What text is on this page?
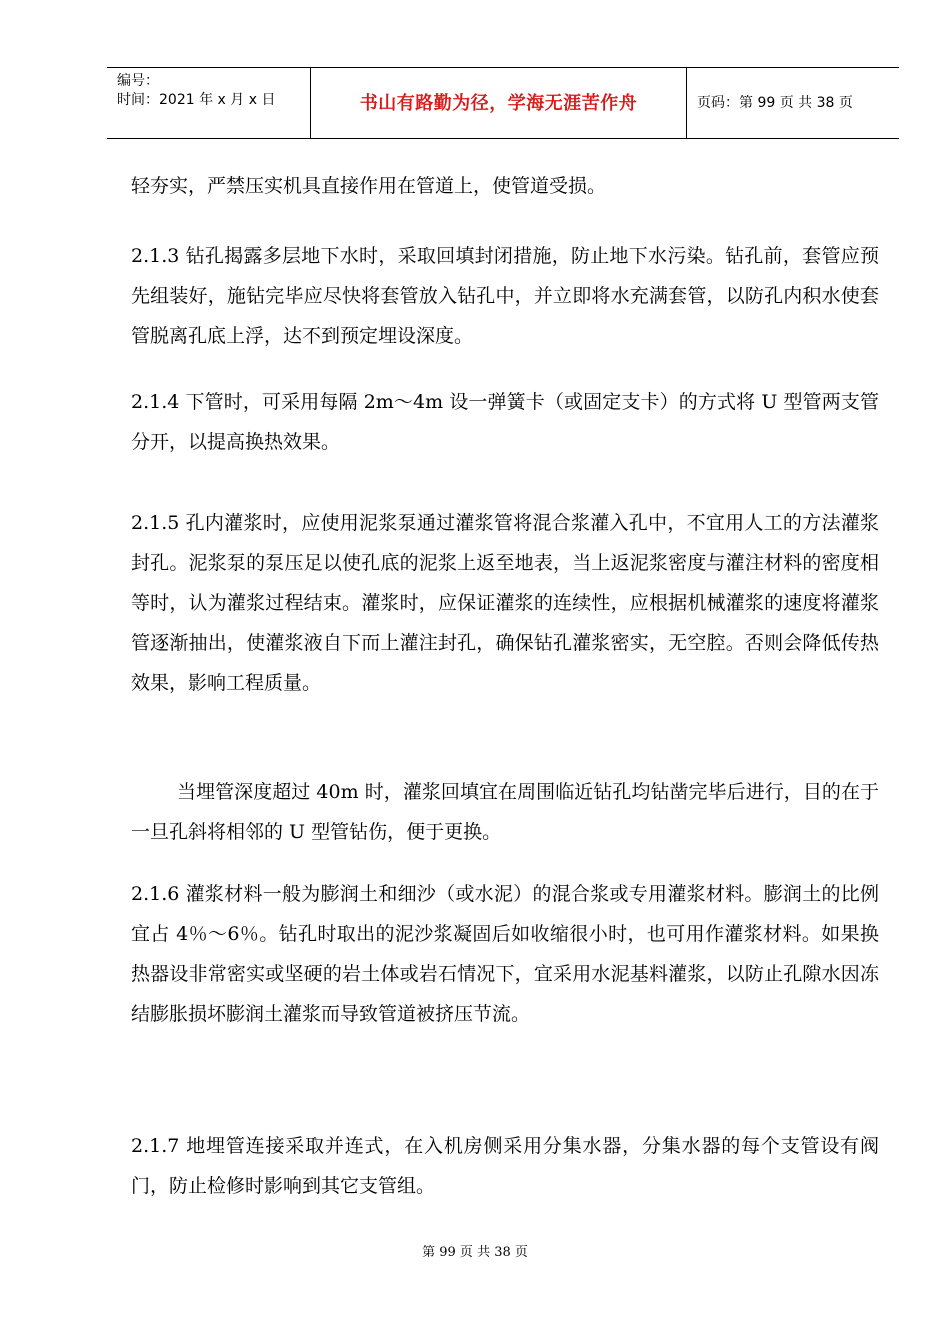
编号：
时间：2021 年 x 月 x 日	书山有路勤为径，学海无涯苦作舟	页码：第 99 页 共 38 页

轻夯实，严禁压实机具直接作用在管道上，使管道受损。

2.1.3 钻孔揭露多层地下水时，采取回填封闭措施，防止地下水污染。钻孔前，套管应预先组装好，施钻完毕应尽快将套管放入钻孔中，并立即将水充满套管，以防孔内积水使套管脱离孔底上浮，达不到预定埋设深度。

2.1.4 下管时，可采用每隔 2m～4m 设一弹簧卡（或固定支卡）的方式将 U 型管两支管分开，以提高换热效果。

2.1.5 孔内灌浆时，应使用泥浆泵通过灌浆管将混合浆灌入孔中，不宜用人工的方法灌浆封孔。泥浆泵的泵压足以使孔底的泥浆上返至地表，当上返泥浆密度与灌注材料的密度相等时，认为灌浆过程结束。灌浆时，应保证灌浆的连续性，应根据机械灌浆的速度将灌浆管逐渐抽出，使灌浆液自下而上灌注封孔，确保钻孔灌浆密实，无空腔。否则会降低传热效果，影响工程质量。

当埋管深度超过 40m 时，灌浆回填宜在周围临近钻孔均钻凿完毕后进行，目的在于一旦孔斜将相邻的 U 型管钻伤，便于更换。

2.1.6 灌浆材料一般为膨润土和细沙（或水泥）的混合浆或专用灌浆材料。膨润土的比例宜占 4％～6％。钻孔时取出的泥沙浆凝固后如收缩很小时，也可用作灌浆材料。如果换热器设非常密实或坚硬的岩土体或岩石情况下，宜采用水泥基料灌浆，以防止孔隙水因冻结膨胀损坏膨润土灌浆而导致管道被挤压节流。

2.1.7 地埋管连接采取并连式，在入机房侧采用分集水器，分集水器的每个支管设有阀门，防止检修时影响到其它支管组。

第 99 页 共 38 页
